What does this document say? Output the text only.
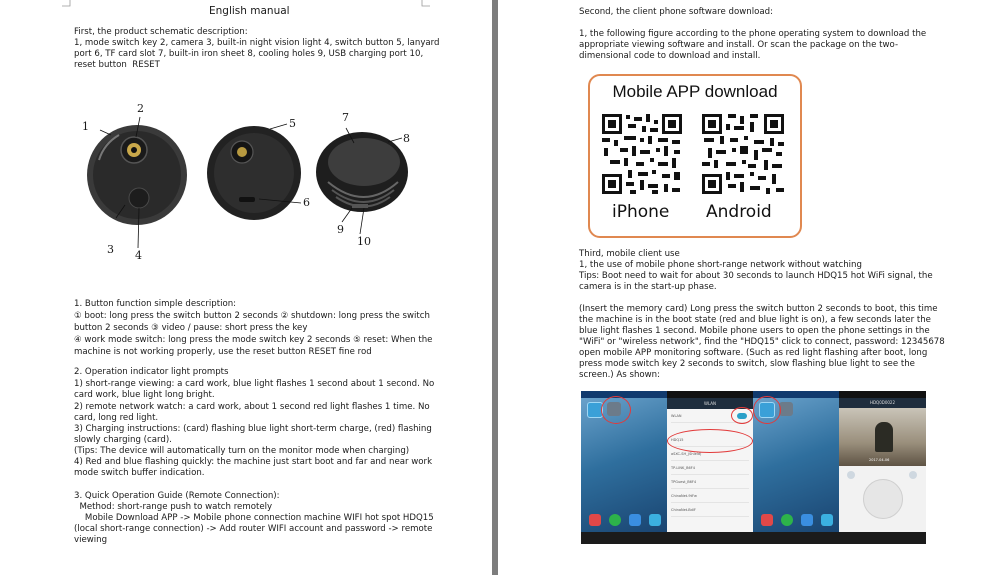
English manual
First, the product schematic description:
1, mode switch key 2, camera 3, built-in night vision light 4, switch button 5, lanyard
port 6, TF card slot 7, built-in iron sheet 8, cooling holes 9, USB charging port 10,
reset button  RESET
1
2
3 4
5
6
7
8
9
10
1. Button function simple description:
① boot: long press the switch button 2 seconds ② shutdown: long press the switch
button 2 seconds ③ video / pause: short press the key
④ work mode switch: long press the mode switch key 2 seconds ⑤ reset: When the
machine is not working properly, use the reset button RESET fine rod
2. Operation indicator light prompts
1) short-range viewing: a card work, blue light flashes 1 second about 1 second. No
card work, blue light long bright.
2) remote network watch: a card work, about 1 second red light flashes 1 time. No
card, long red light.
3) Charging instructions: (card) flashing blue light short-term charge, (red) flashing
slowly charging (card).
(Tips: The device will automatically turn on the monitor mode when charging)
4) Red and blue flashing quickly: the machine just start boot and far and near work
mode switch buffer indication.
3. Quick Operation Guide (Remote Connection):
Method: short-range push to watch remotely
Mobile Download APP -> Mobile phone connection machine WIFI hot spot HDQ15
(local short-range connection) -> Add router WIFI account and password -> remote
viewing
Second, the client phone software download:
1, the following figure according to the phone operating system to download the
appropriate viewing software and install. Or scan the package on the two-
dimensional code to download and install.
Mobile APP download
iPhone Android
Third, mobile client use
1, the use of mobile phone short-range network without watching
Tips: Boot need to wait for about 30 seconds to launch HDQ15 hot WiFi signal, the
camera is in the start-up phase.
(Insert the memory card) Long press the switch button 2 seconds to boot, this time
the machine is in the boot state (red and blue light is on), a few seconds later the
blue light flashes 1 second. Mobile phone users to open the phone settings in the
"WiFi" or "wireless network", find the "HDQ15" click to connect, password: 12345678
open mobile APP monitoring software. (Such as red light flashing after boot, long
press mode switch key 2 seconds to switch, slow flashing blue light to see the
screen.) As shown:
WLAN
WLAN
HDQ15
aSXC-SH_(Shield)
TP-LINK_B6F4
TPGuest_B6F4
ChinaNet-9tFw
ChinaNet-BdlF
HDQ0D0022
2017-04-06
